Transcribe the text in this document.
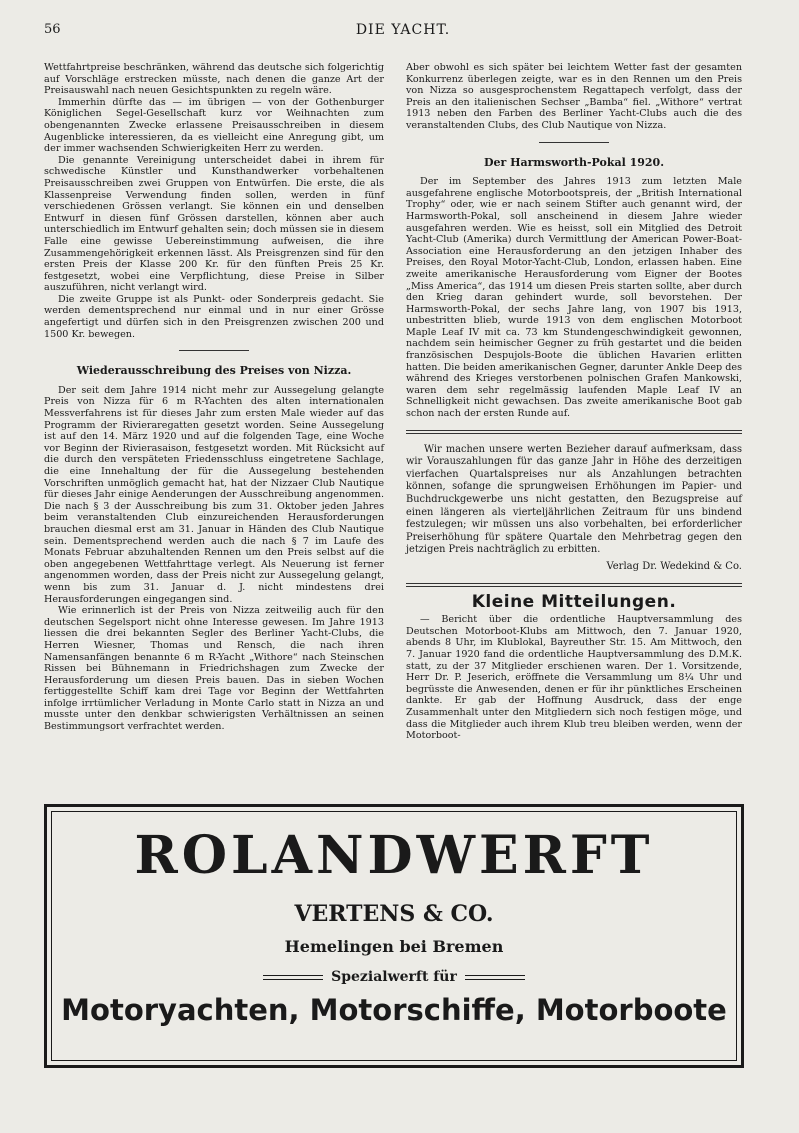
56	DIE YACHT.

Wettfahrtpreise beschränken, während das deutsche sich folgerichtig auf Vorschläge erstrecken müsste, nach denen die ganze Art der Preisauswahl nach neuen Gesichtspunkten zu regeln wäre.

Immerhin dürfte das — im übrigen — von der Gothenburger Königlichen Segel-Gesellschaft kurz vor Weihnachten zum obengenannten Zwecke erlassene Preisausschreiben in diesem Augenblicke interessieren, da es vielleicht eine Anregung gibt, um der immer wachsenden Schwierigkeiten Herr zu werden.

Die genannte Vereinigung unterscheidet dabei in ihrem für schwedische Künstler und Kunsthandwerker vorbehaltenen Preisausschreiben zwei Gruppen von Entwürfen. Die erste, die als Klassenpreise Verwendung finden sollen, werden in fünf verschiedenen Grössen verlangt. Sie können ein und denselben Entwurf in diesen fünf Grössen darstellen, können aber auch unterschiedlich im Entwurf gehalten sein; doch müssen sie in diesem Falle eine gewisse Uebereinstimmung aufweisen, die ihre Zusammengehörigkeit erkennen lässt. Als Preisgrenzen sind für den ersten Preis der Klasse 200 Kr. für den fünften Preis 25 Kr. festgesetzt, wobei eine Verpflichtung, diese Preise in Silber auszuführen, nicht verlangt wird.

Die zweite Gruppe ist als Punkt- oder Sonderpreis gedacht. Sie werden dementsprechend nur einmal und in nur einer Grösse angefertigt und dürfen sich in den Preisgrenzen zwischen 200 und 1500 Kr. bewegen.

Wiederausschreibung des Preises von Nizza.

Der seit dem Jahre 1914 nicht mehr zur Aussegelung gelangte Preis von Nizza für 6 m R-Yachten des alten internationalen Messverfahrens ist für dieses Jahr zum ersten Male wieder auf das Programm der Rivieraregatten gesetzt worden. Seine Aussegelung ist auf den 14. März 1920 und auf die folgenden Tage, eine Woche vor Beginn der Rivierasaison, festgesetzt worden. Mit Rücksicht auf die durch den verspäteten Friedensschluss eingetretene Sachlage, die eine Innehaltung der für die Aussegelung bestehenden Vorschriften unmöglich gemacht hat, hat der Nizzaer Club Nautique für dieses Jahr einige Aenderungen der Ausschreibung angenommen. Die nach § 3 der Ausschreibung bis zum 31. Oktober jeden Jahres beim veranstaltenden Club einzureichenden Herausforderungen brauchen diesmal erst am 31. Januar in Händen des Club Nautique sein. Dementsprechend werden auch die nach § 7 im Laufe des Monats Februar abzuhaltenden Rennen um den Preis selbst auf die oben angegebenen Wettfahrttage verlegt. Als Neuerung ist ferner angenommen worden, dass der Preis nicht zur Aussegelung gelangt, wenn bis zum 31. Januar d. J. nicht mindestens drei Herausforderungen eingegangen sind.

Wie erinnerlich ist der Preis von Nizza zeitweilig auch für den deutschen Segelsport nicht ohne Interesse gewesen. Im Jahre 1913 liessen die drei bekannten Segler des Berliner Yacht-Clubs, die Herren Wiesner, Thomas und Rensch, die nach ihren Namensanfängen benannte 6 m R-Yacht „Withore“ nach Steinschen Rissen bei Bühnemann in Friedrichshagen zum Zwecke der Herausforderung um diesen Preis bauen. Das in sieben Wochen fertiggestellte Schiff kam drei Tage vor Beginn der Wettfahrten infolge irrtümlicher Verladung in Monte Carlo statt in Nizza an und musste unter den denkbar schwierigsten Verhältnissen an seinen Bestimmungsort verfrachtet werden.

Aber obwohl es sich später bei leichtem Wetter fast der gesamten Konkurrenz überlegen zeigte, war es in den Rennen um den Preis von Nizza so ausgesprochenstem Regattapech verfolgt, dass der Preis an den italienischen Sechser „Bamba“ fiel. „Withore“ vertrat 1913 neben den Farben des Berliner Yacht-Clubs auch die des veranstaltenden Clubs, des Club Nautique von Nizza.

Der Harmsworth-Pokal 1920.

Der im September des Jahres 1913 zum letzten Male ausgefahrene englische Motorbootspreis, der „British International Trophy“ oder, wie er nach seinem Stifter auch genannt wird, der Harmsworth-Pokal, soll anscheinend in diesem Jahre wieder ausgefahren werden. Wie es heisst, soll ein Mitglied des Detroit Yacht-Club (Amerika) durch Vermittlung der American Power-Boat-Association eine Herausforderung an den jetzigen Inhaber des Preises, den Royal Motor-Yacht-Club, London, erlassen haben. Eine zweite amerikanische Herausforderung vom Eigner der Bootes „Miss America“, das 1914 um diesen Preis starten sollte, aber durch den Krieg daran gehindert wurde, soll bevorstehen. Der Harmsworth-Pokal, der sechs Jahre lang, von 1907 bis 1913, unbestritten blieb, wurde 1913 von dem englischen Motorboot Maple Leaf IV mit ca. 73 km Stundengeschwindigkeit gewonnen, nachdem sein heimischer Gegner zu früh gestartet und die beiden französischen Despujols-Boote die üblichen Havarien erlitten hatten. Die beiden amerikanischen Gegner, darunter Ankle Deep des während des Krieges verstorbenen polnischen Grafen Mankowski, waren dem sehr regelmässig laufenden Maple Leaf IV an Schnelligkeit nicht gewachsen. Das zweite amerikanische Boot gab schon nach der ersten Runde auf.

Wir machen unsere werten Bezieher darauf aufmerksam, dass wir Vorauszahlungen für das ganze Jahr in Höhe des derzeitigen vierfachen Quartalspreises nur als Anzahlungen betrachten können, sofange die sprungweisen Erhöhungen im Papier- und Buchdruckgewerbe uns nicht gestatten, den Bezugspreise auf einen längeren als vierteljährlichen Zeitraum für uns bindend festzulegen; wir müssen uns also vorbehalten, bei erforderlicher Preiserhöhung für spätere Quartale den Mehrbetrag gegen den jetzigen Preis nachträglich zu erbitten.

Verlag Dr. Wedekind & Co.
Kleine Mitteilungen.

— Bericht über die ordentliche Hauptversammlung des Deutschen Motorboot-Klubs am Mittwoch, den 7. Januar 1920, abends 8 Uhr, im Klublokal, Bayreuther Str. 15. Am Mittwoch, den 7. Januar 1920 fand die ordentliche Hauptversammlung des D.M.K. statt, zu der 37 Mitglieder erschienen waren. Der 1. Vorsitzende, Herr Dr. P. Jeserich, eröffnete die Versammlung um 8¼ Uhr und begrüsste die Anwesenden, denen er für ihr pünktliches Erscheinen dankte. Er gab der Hoffnung Ausdruck, dass der enge Zusammenhalt unter den Mitgliedern sich noch festigen möge, und dass die Mitglieder auch ihrem Klub treu bleiben werden, wenn der Motorboot-

ROLANDWERFT
VERTENS & CO.
Hemelingen bei Bremen
Spezialwerft für
Motoryachten, Motorschiffe, Motorboote
